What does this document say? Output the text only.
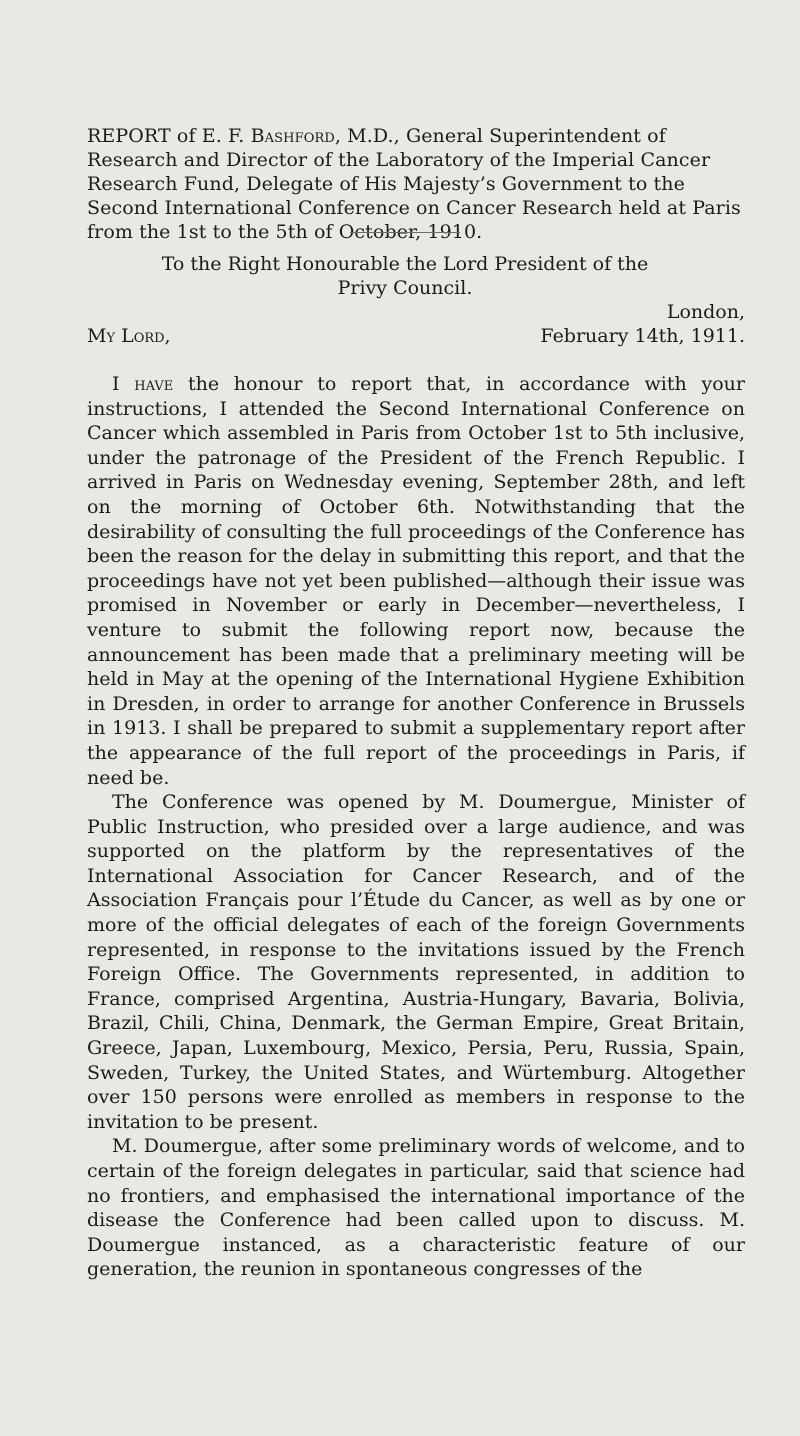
REPORT of E. F. Bashford, M.D., General Superintendent of Research and Director of the Laboratory of the Imperial Cancer Research Fund, Delegate of His Majesty’s Government to the Second International Conference on Cancer Research held at Paris from the 1st to the 5th of October, 1910.

To the Right Honourable the Lord President of the
Privy Council.
London,
My Lord,	February 14th, 1911.

I have the honour to report that, in accordance with your instructions, I attended the Second International Conference on Cancer which assembled in Paris from October 1st to 5th inclusive, under the patronage of the President of the French Republic. I arrived in Paris on Wednesday evening, September 28th, and left on the morning of October 6th. Notwithstanding that the desirability of consulting the full proceedings of the Conference has been the reason for the delay in submitting this report, and that the proceedings have not yet been published—although their issue was promised in November or early in December—nevertheless, I venture to submit the following report now, because the announcement has been made that a preliminary meeting will be held in May at the opening of the International Hygiene Exhibition in Dresden, in order to arrange for another Conference in Brussels in 1913. I shall be prepared to submit a supplementary report after the appearance of the full report of the proceedings in Paris, if need be.

The Conference was opened by M. Doumergue, Minister of Public Instruction, who presided over a large audience, and was supported on the platform by the representatives of the International Association for Cancer Research, and of the Association Français pour l’Étude du Cancer, as well as by one or more of the official delegates of each of the foreign Governments represented, in response to the invitations issued by the French Foreign Office. The Governments represented, in addition to France, comprised Argentina, Austria-Hungary, Bavaria, Bolivia, Brazil, Chili, China, Denmark, the German Empire, Great Britain, Greece, Japan, Luxembourg, Mexico, Persia, Peru, Russia, Spain, Sweden, Turkey, the United States, and Würtemburg. Altogether over 150 persons were enrolled as members in response to the invitation to be present.

M. Doumergue, after some preliminary words of welcome, and to certain of the foreign delegates in particular, said that science had no frontiers, and emphasised the international importance of the disease the Conference had been called upon to discuss. M. Doumergue instanced, as a characteristic feature of our generation, the reunion in spontaneous congresses of the
